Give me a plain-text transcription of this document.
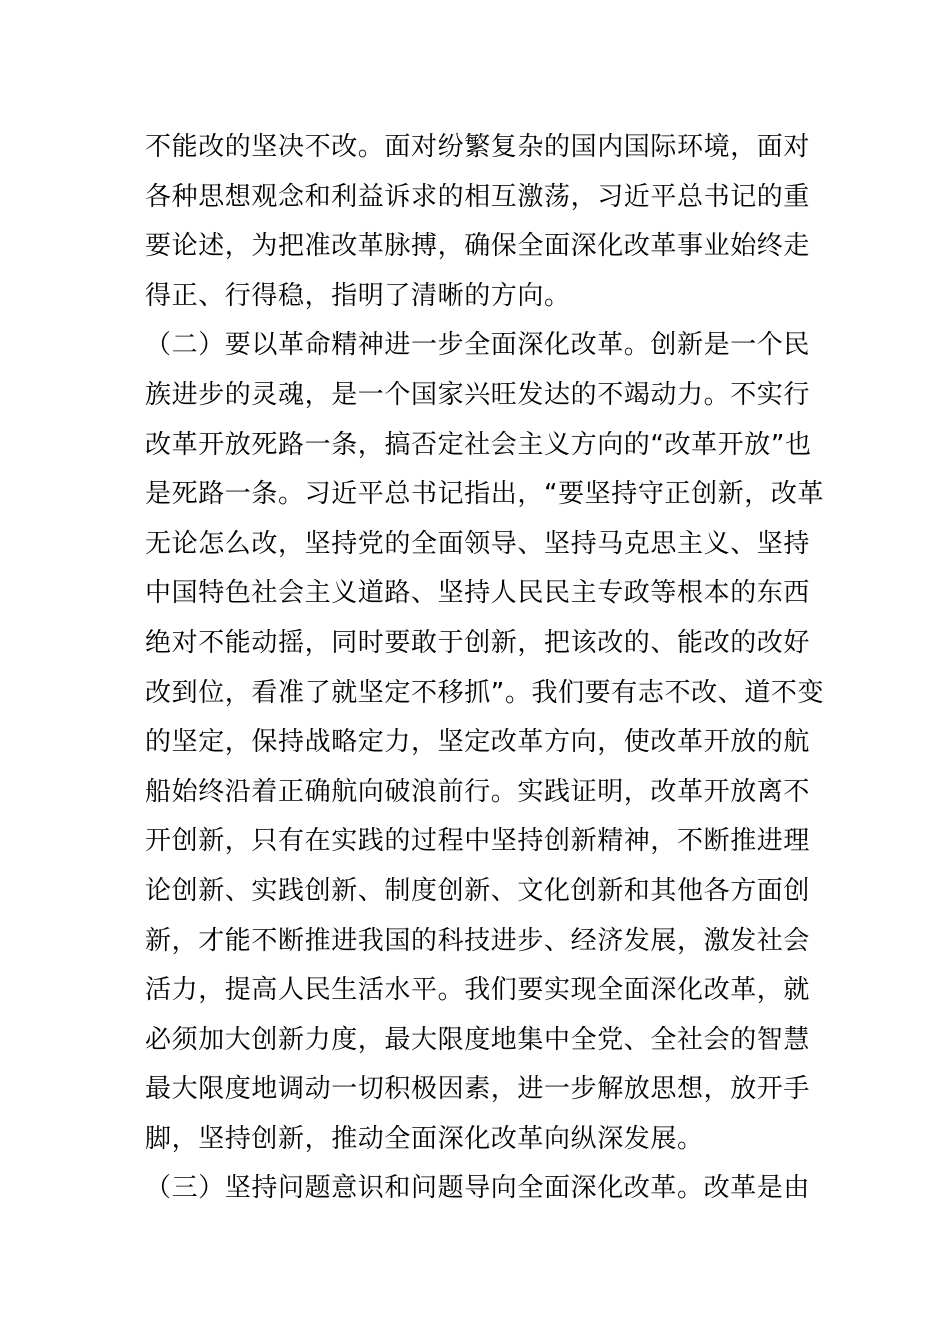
不能改的坚决不改。面对纷繁复杂的国内国际环境，面对
各种思想观念和利益诉求的相互激荡，习近平总书记的重
要论述，为把准改革脉搏，确保全面深化改革事业始终走
得正、行得稳，指明了清晰的方向。
（二）要以革命精神进一步全面深化改革。创新是一个民
族进步的灵魂，是一个国家兴旺发达的不竭动力。不实行
改革开放死路一条，搞否定社会主义方向的“改革开放”也
是死路一条。习近平总书记指出，“要坚持守正创新，改革
无论怎么改，坚持党的全面领导、坚持马克思主义、坚持
中国特色社会主义道路、坚持人民民主专政等根本的东西
绝对不能动摇，同时要敢于创新，把该改的、能改的改好
改到位，看准了就坚定不移抓”。我们要有志不改、道不变
的坚定，保持战略定力，坚定改革方向，使改革开放的航
船始终沿着正确航向破浪前行。实践证明，改革开放离不
开创新，只有在实践的过程中坚持创新精神，不断推进理
论创新、实践创新、制度创新、文化创新和其他各方面创
新，才能不断推进我国的科技进步、经济发展，激发社会
活力，提高人民生活水平。我们要实现全面深化改革，就
必须加大创新力度，最大限度地集中全党、全社会的智慧
最大限度地调动一切积极因素，进一步解放思想，放开手
脚，坚持创新，推动全面深化改革向纵深发展。
（三）坚持问题意识和问题导向全面深化改革。改革是由
